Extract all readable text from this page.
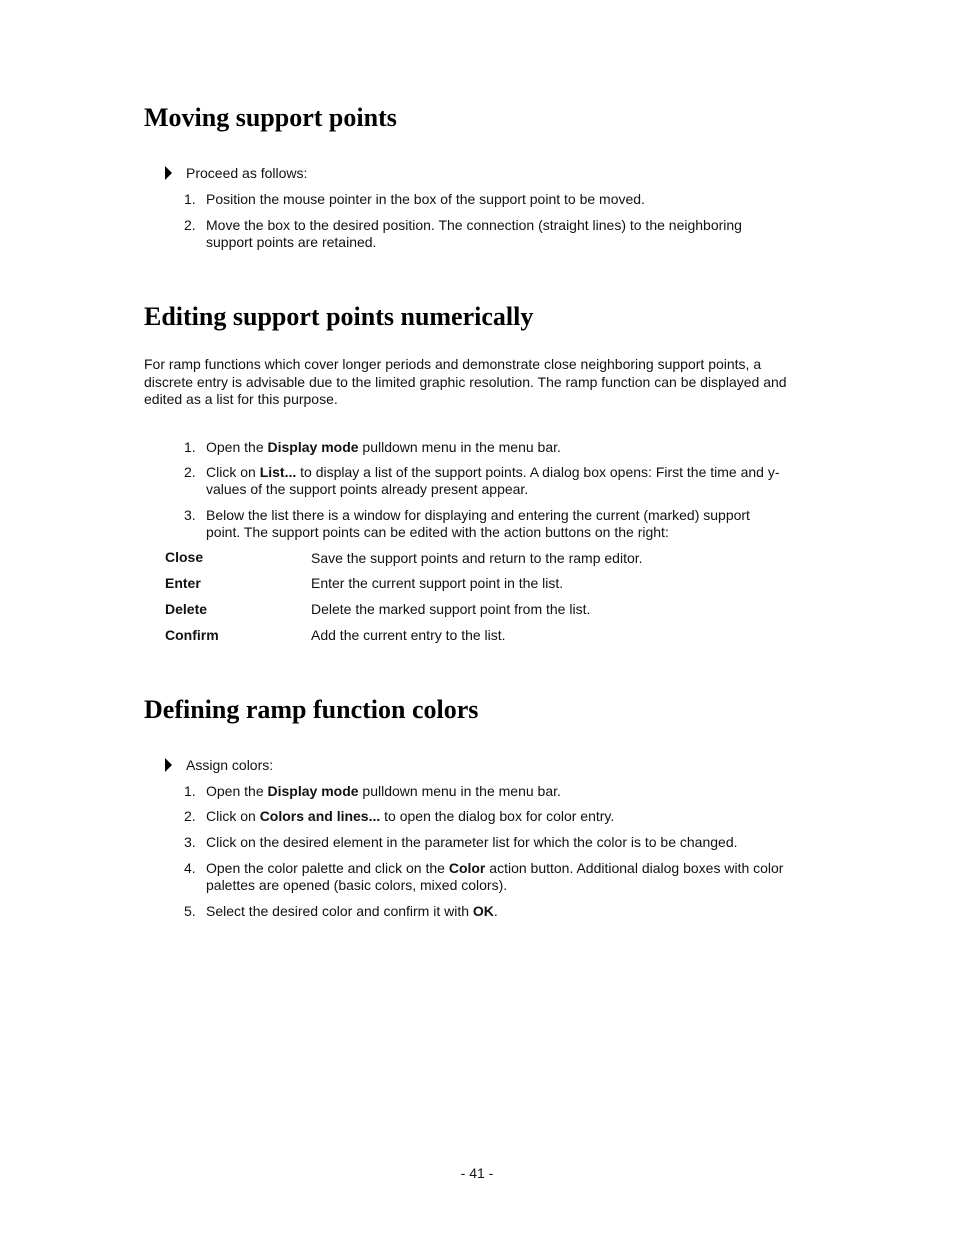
Moving support points
Proceed as follows:
1. Position the mouse pointer in the box of the support point to be moved.
2. Move the box to the desired position. The connection (straight lines) to the neighboring support points are retained.
Editing support points numerically

For ramp functions which cover longer periods and demonstrate close neighboring support points, a discrete entry is advisable due to the limited graphic resolution. The ramp function can be displayed and edited as a list for this purpose.

1. Open the Display mode pulldown menu in the menu bar.
2. Click on List... to display a list of the support points. A dialog box opens: First the time and y-values of the support points already present appear.
3. Below the list there is a window for displaying and entering the current (marked) support point. The support points can be edited with the action buttons on the right:
Close	Save the support points and return to the ramp editor.
Enter	Enter the current support point in the list.
Delete	Delete the marked support point from the list.
Confirm	Add the current entry to the list.
Defining ramp function colors
Assign colors:
1. Open the Display mode pulldown menu in the menu bar.
2. Click on Colors and lines... to open the dialog box for color entry.
3. Click on the desired element in the parameter list for which the color is to be changed.
4. Open the color palette and click on the Color action button. Additional dialog boxes with color palettes are opened (basic colors, mixed colors).
5. Select the desired color and confirm it with OK.
- 41 -
